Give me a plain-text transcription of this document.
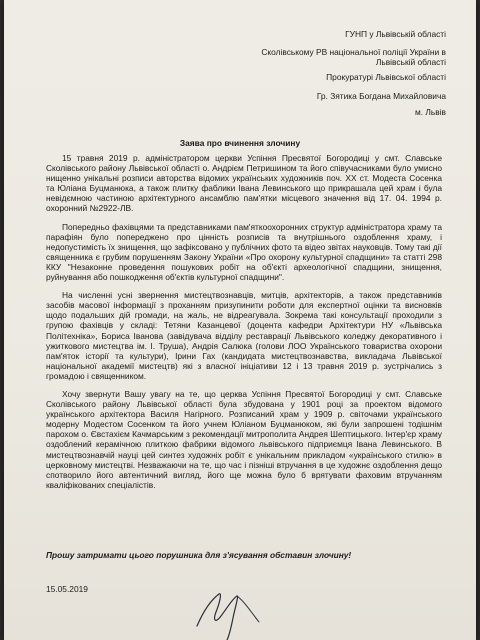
ГУНП у Львівській області
Сколівському РВ національної поліції України в
Львівській області
Прокуратурі Львівської області
Гр. Зятика Богдана Михайловича
м. Львів
Заява про вчинення злочину

15 травня 2019 р. адміністратором церкви Успіння Пресвятої Богородиці у смт. Славське Сколівського району Львівської області о. Андрієм Петришином та його співучасниками було умисно нищенно унікальні розписи авторства відомих українських художників поч. ХХ ст. Модеста Сосенка та Юліана Буцманюка, а також плитку фаблики Івана Левинського що прикрашала цей храм і була невідємною частиною архітектурного ансамблю пам'ятки місцевого значення від 17. 04. 1994 р. охоронний №2922-ЛВ.

Попередньо фахівцями та представниками пам'яткоохоронних структур адміністратора храму та парафіян було попереджено про цінність розписів та внутрішнього оздоблення храму, і недопустимість їх знищення, що зафіксовано у публічних фото та відео звітах науковців. Тому такі дії священника є грубим порушенням Закону України «Про охорону культурної спадщини» та статті 298 ККУ "Незаконне проведення пошукових робіт на об'єкті археологічної спадщини, знищення, руйнування або пошкодження об'єктів культурної спадщини".

На численні усні звернення мистецтвознавців, митців, архітекторів, а також представників засобів масової інформації з проханням призупинити роботи для експертної оцінки та висновків щодо подальших дій громади, на жаль, не відреагувала. Зокрема такі консультації проходили з групою фахівців у складі: Тетяни Казанцевої (доцента кафедри Архітектури НУ «Львівська Політехніка», Бориса Іванова (завідувача відділу реставрації Львівського коледжу декоративного і ужиткового мистецтва ім. І. Труша), Андрія Салюка (голови ЛОО Українського товариства охорони пам'яток історії та культури), Ірини Гах (кандидата мистецтвознавства, викладача Львівської національної академії мистецтв) які з власної ініціативи 12 і 13 травня 2019 р. зустрічались з громадою і священником.

Хочу звернути Вашу увагу на те, що церква Успіння Пресвятої Богородиці у смт. Славське Сколівського району Львівської області була збудована у 1901 році за проектом відомого українського архітектора Василя Нагірного. Розписаний храм у 1909 р. світочами українського модерну Модестом Сосенком та його учнем Юліаном Буцманюком, які були запрошені тодішнім парохом о. Євстахієм Качмарським з рекомендації митрополита Андрея Шептицького. Інтер'єр храму оздоблений керамічною плиткою фабрики відомого львівського підприємця Івана Левинського. В мистецтвознавчій науці цей синтез художніх робіт є унікальним прикладом «українського стилю» в церковному мистецтві. Незважаючи на те, що час і пізніші втручання в це художнє оздоблення дещо спотворило його автентичний вигляд, його ще можна було б врятувати фаховим втручанням кваліфікованих спеціалістів.

Прошу затримати цього порушника для з'ясування обставин злочину!
15.05.2019
